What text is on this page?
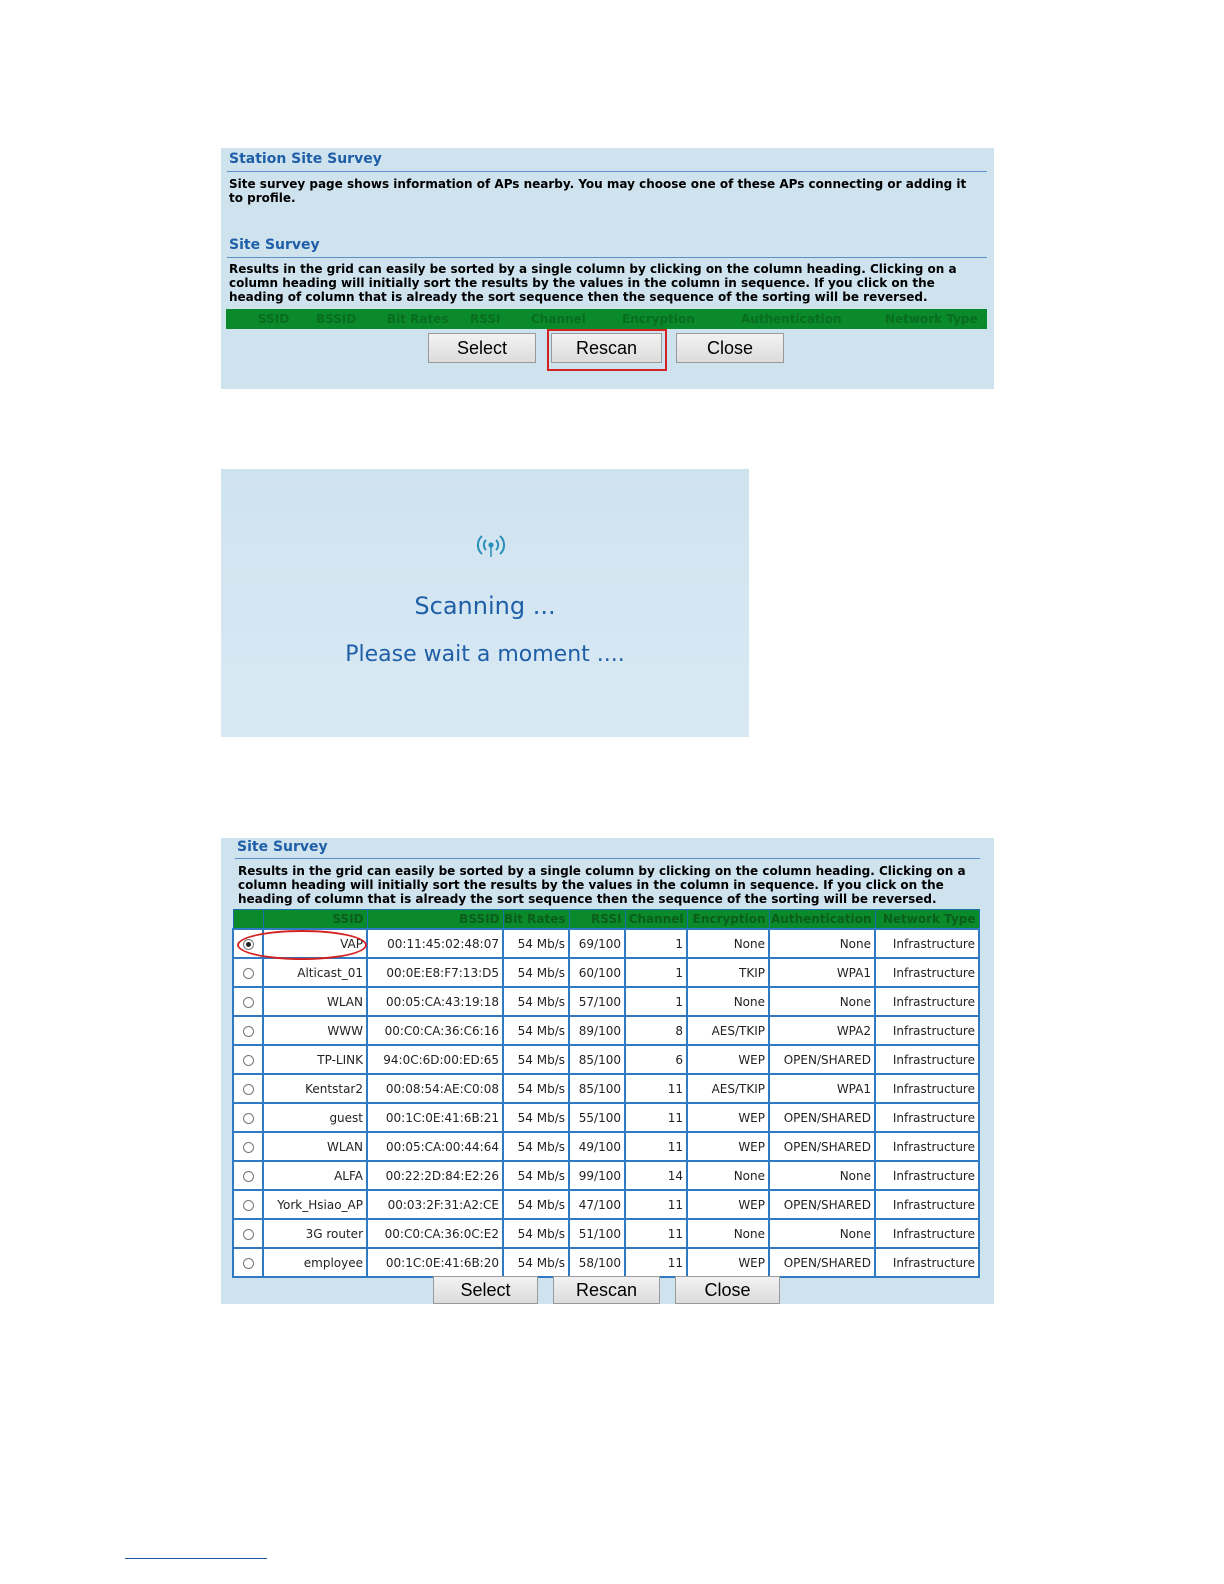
Station Site Survey
Site survey page shows information of APs nearby. You may choose one of these APs connecting or adding it to profile.
Site Survey
Results in the grid can easily be sorted by a single column by clicking on the column heading. Clicking on a column heading will initially sort the results by the values in the column in sequence. If you click on the heading of column that is already the sort sequence then the sequence of the sorting will be reversed.
SSID BSSID	Bit Rates RSSI	Channel	Encryption	Authentication	Network Type
Select	Rescan	Close
Scanning ...
Please wait a moment ....
Site Survey
Results in the grid can easily be sorted by a single column by clicking on the column heading. Clicking on a column heading will initially sort the results by the values in the column in sequence. If you click on the heading of column that is already the sort sequence then the sequence of the sorting will be reversed.
	SSID	BSSID	Bit Rates	RSSI	Channel	Encryption	Authentication	Network Type
	VAP	00:11:45:02:48:07	54 Mb/s	69/100	1	None	None	Infrastructure
	Alticast_01	00:0E:E8:F7:13:D5	54 Mb/s	60/100	1	TKIP	WPA1	Infrastructure
	WLAN	00:05:CA:43:19:18	54 Mb/s	57/100	1	None	None	Infrastructure
	WWW	00:C0:CA:36:C6:16	54 Mb/s	89/100	8	AES/TKIP	WPA2	Infrastructure
	TP-LINK	94:0C:6D:00:ED:65	54 Mb/s	85/100	6	WEP	OPEN/SHARED	Infrastructure
	Kentstar2	00:08:54:AE:C0:08	54 Mb/s	85/100	11	AES/TKIP	WPA1	Infrastructure
	guest	00:1C:0E:41:6B:21	54 Mb/s	55/100	11	WEP	OPEN/SHARED	Infrastructure
	WLAN	00:05:CA:00:44:64	54 Mb/s	49/100	11	WEP	OPEN/SHARED	Infrastructure
	ALFA	00:22:2D:84:E2:26	54 Mb/s	99/100	14	None	None	Infrastructure
	York_Hsiao_AP	00:03:2F:31:A2:CE	54 Mb/s	47/100	11	WEP	OPEN/SHARED	Infrastructure
	3G router	00:C0:CA:36:0C:E2	54 Mb/s	51/100	11	None	None	Infrastructure
	employee	00:1C:0E:41:6B:20	54 Mb/s	58/100	11	WEP	OPEN/SHARED	Infrastructure
Select	Rescan	Close
